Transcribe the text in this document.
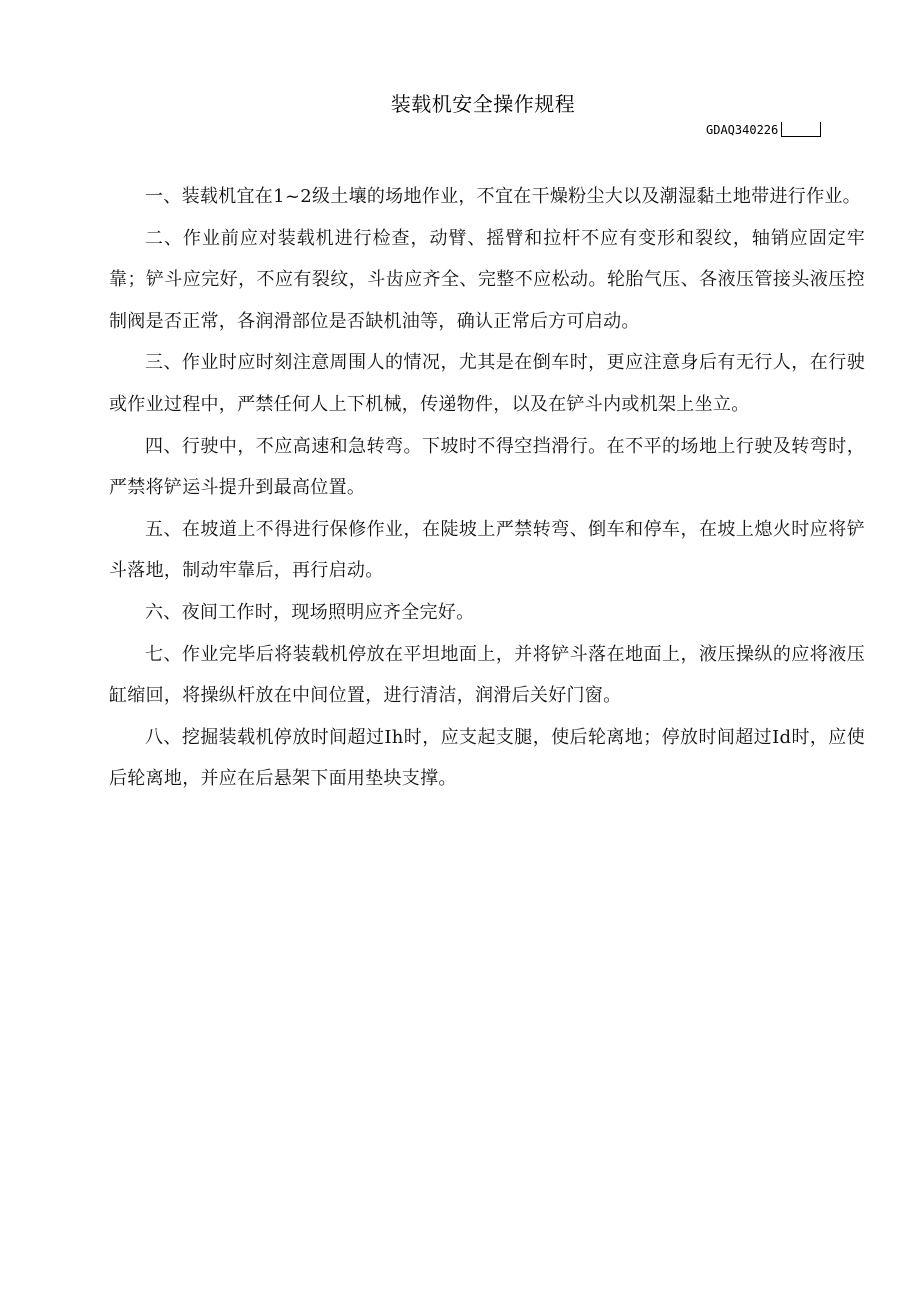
装载机安全操作规程
GDAQ340226

一、装载机宜在1~2级土壤的场地作业，不宜在干燥粉尘大以及潮湿黏土地带进行作业。

二、作业前应对装载机进行检查，动臂、摇臂和拉杆不应有变形和裂纹，轴销应固定牢靠；铲斗应完好，不应有裂纹，斗齿应齐全、完整不应松动。轮胎气压、各液压管接头液压控制阀是否正常，各润滑部位是否缺机油等，确认正常后方可启动。

三、作业时应时刻注意周围人的情况，尤其是在倒车时，更应注意身后有无行人，在行驶或作业过程中，严禁任何人上下机械，传递物件，以及在铲斗内或机架上坐立。

四、行驶中，不应高速和急转弯。下坡时不得空挡滑行。在不平的场地上行驶及转弯时，严禁将铲运斗提升到最高位置。

五、在坡道上不得进行保修作业，在陡坡上严禁转弯、倒车和停车，在坡上熄火时应将铲斗落地，制动牢靠后，再行启动。

六、夜间工作时，现场照明应齐全完好。

七、作业完毕后将装载机停放在平坦地面上，并将铲斗落在地面上，液压操纵的应将液压缸缩回，将操纵杆放在中间位置，进行清洁，润滑后关好门窗。

八、挖掘装载机停放时间超过Ih时，应支起支腿，使后轮离地；停放时间超过Id时，应使后轮离地，并应在后悬架下面用垫块支撑。
